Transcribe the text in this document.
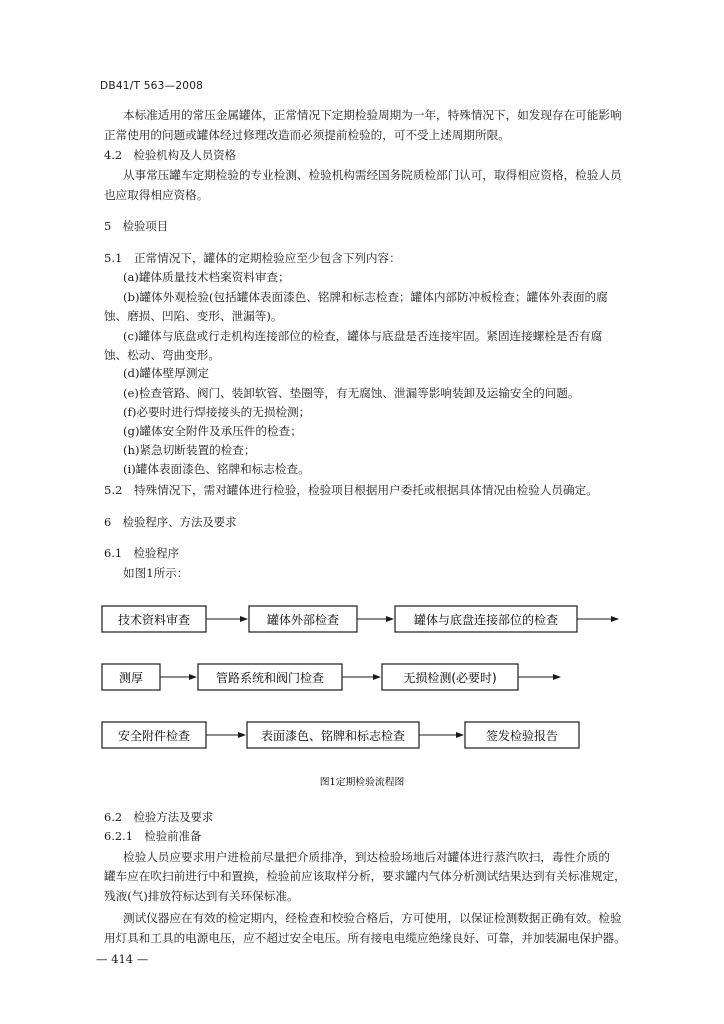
DB41/T 563—2008
本标准适用的常压金属罐体，正常情况下定期检验周期为一年，特殊情况下，如发现存在可能影响
正常使用的问题或罐体经过修理改造而必须提前检验的，可不受上述周期所限。
4.2　检验机构及人员资格
从事常压罐车定期检验的专业检测、检验机构需经国务院质检部门认可，取得相应资格，检验人员
也应取得相应资格。
5　检验项目
5.1　正常情况下，罐体的定期检验应至少包含下列内容：
(a)罐体质量技术档案资料审查；
(b)罐体外观检验(包括罐体表面漆色、铭牌和标志检查；罐体内部防冲板检查；罐体外表面的腐
蚀、磨损、凹陷、变形、泄漏等)。
(c)罐体与底盘或行走机构连接部位的检查，罐体与底盘是否连接牢固。紧固连接螺栓是否有腐
蚀、松动、弯曲变形。
(d)罐体壁厚测定
(e)检查管路、阀门、装卸软管、垫圈等，有无腐蚀、泄漏等影响装卸及运输安全的问题。
(f)必要时进行焊接接头的无损检测；
(g)罐体安全附件及承压件的检查；
(h)紧急切断装置的检查；
(i)罐体表面漆色、铭牌和标志检查。
5.2　特殊情况下，需对罐体进行检验，检验项目根据用户委托或根据具体情况由检验人员确定。
6　检验程序、方法及要求
6.1　检验程序
如图1所示：
技术资料审查	罐体外部检查	罐体与底盘连接部位的检查
测厚	管路系统和阀门检查	无损检测(必要时)
安全附件检查	表面漆色、铭牌和标志检查	签发检验报告
图1定期检验流程图
6.2　检验方法及要求
6.2.1　检验前准备
检验人员应要求用户进检前尽量把介质排净，到达检验场地后对罐体进行蒸汽吹扫，毒性介质的
罐车应在吹扫前进行中和置换，检验前应该取样分析，要求罐内气体分析测试结果达到有关标准规定，
残液(气)排放符标达到有关环保标准。
测试仪器应在有效的检定期内，经检查和校验合格后，方可使用，以保证检测数据正确有效。检验
用灯具和工具的电源电压，应不超过安全电压。所有接电电缆应绝缘良好、可靠，并加装漏电保护器。
— 414 —
